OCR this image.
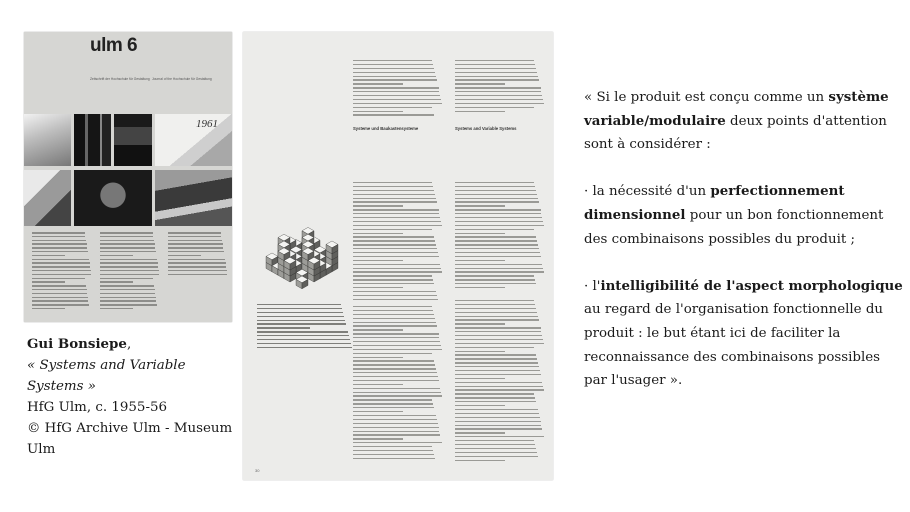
ulm 6
Zeitschrift der Hochschule für Gestaltung Journal of the Hochschule für Gestaltung
1961	Systeme und Baukastensysteme	Systems and Variable Systems
30
Gui Bonsiepe,
« Systems and Variable Systems »
HfG Ulm, c. 1955-56
© HfG Archive Ulm - Museum Ulm

« Si le produit est conçu comme un système variable/modulaire deux points d'attention sont à considérer :

· la nécessité d'un perfectionnement dimensionnel pour un bon fonctionnement des combinaisons possibles du produit ;

· l'intelligibilité de l'aspect morphologique au regard de l'organisation fonctionnelle du produit : le but étant ici de faciliter la reconnaissance des combinaisons possibles par l'usager ».
